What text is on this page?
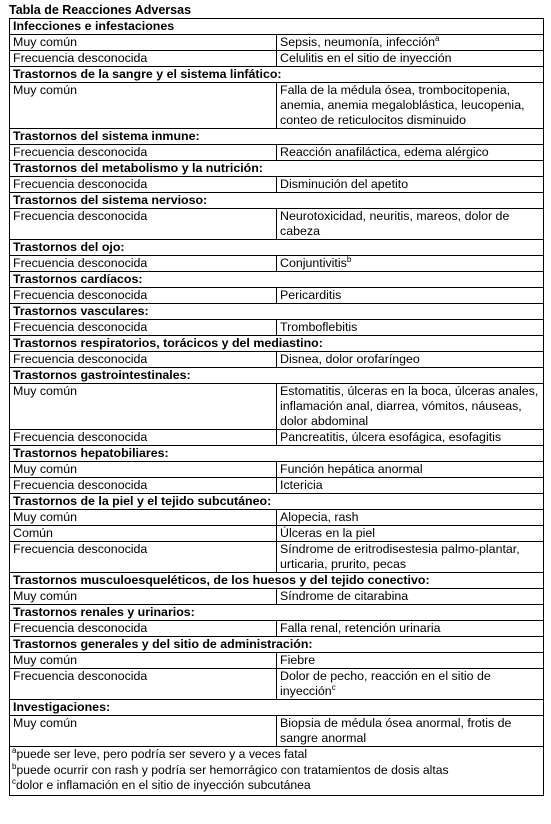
Tabla de Reacciones Adversas
Infecciones e infestaciones	
Muy común	Sepsis, neumonía, infección$^a$
Frecuencia desconocida	Celulitis en el sitio de inyección
Trastornos de la sangre y el sistema linfático:	
Muy común	Falla de la médula ósea, trombocitopenia, anemia, anemia megaloblástica, leucopenia, conteo de reticulocitos disminuido
Trastornos del sistema inmune:	
Frecuencia desconocida	Reacción anafiláctica, edema alérgico
Trastornos del metabolismo y la nutrición:	
Frecuencia desconocida	Disminución del apetito
Trastornos del sistema nervioso:	
Frecuencia desconocida	Neurotoxicidad, neuritis, mareos, dolor de cabeza
Trastornos del ojo:	
Frecuencia desconocida	Conjuntivitis$^b$
Trastornos cardíacos:	
Frecuencia desconocida	Pericarditis
Trastornos vasculares:	
Frecuencia desconocida	Tromboflebitis
Trastornos respiratorios, torácicos y del mediastino:	
Frecuencia desconocida	Disnea, dolor orofaríngeo
Trastornos gastrointestinales:	
Muy común	Estomatitis, úlceras en la boca, úlceras anales, inflamación anal, diarrea, vómitos, náuseas, dolor abdominal
Frecuencia desconocida	Pancreatitis, úlcera esofágica, esofagitis
Trastornos hepatobiliares:	
Muy común	Función hepática anormal
Frecuencia desconocida	Ictericia
Trastornos de la piel y el tejido subcutáneo:	
Muy común	Alopecia, rash
Común	Úlceras en la piel
Frecuencia desconocida	Síndrome de eritrodisestesia palmo-plantar, urticaria, prurito, pecas
Trastornos musculoesqueléticos, de los huesos y del tejido conectivo:	
Muy común	Síndrome de citarabina
Trastornos renales y urinarios:	
Frecuencia desconocida	Falla renal, retención urinaria
Trastornos generales y del sitio de administración:	
Muy común	Fiebre
Frecuencia desconocida	Dolor de pecho, reacción en el sitio de inyección$^c$
Investigaciones:	
Muy común	Biopsia de médula ósea anormal, frotis de sangre anormal

$^a$puede ser leve, pero podría ser severo y a veces fatal
$^b$puede ocurrir con rash y podría ser hemorrágico con tratamientos de dosis altas
$^c$dolor e inflamación en el sitio de inyección subcutánea	
